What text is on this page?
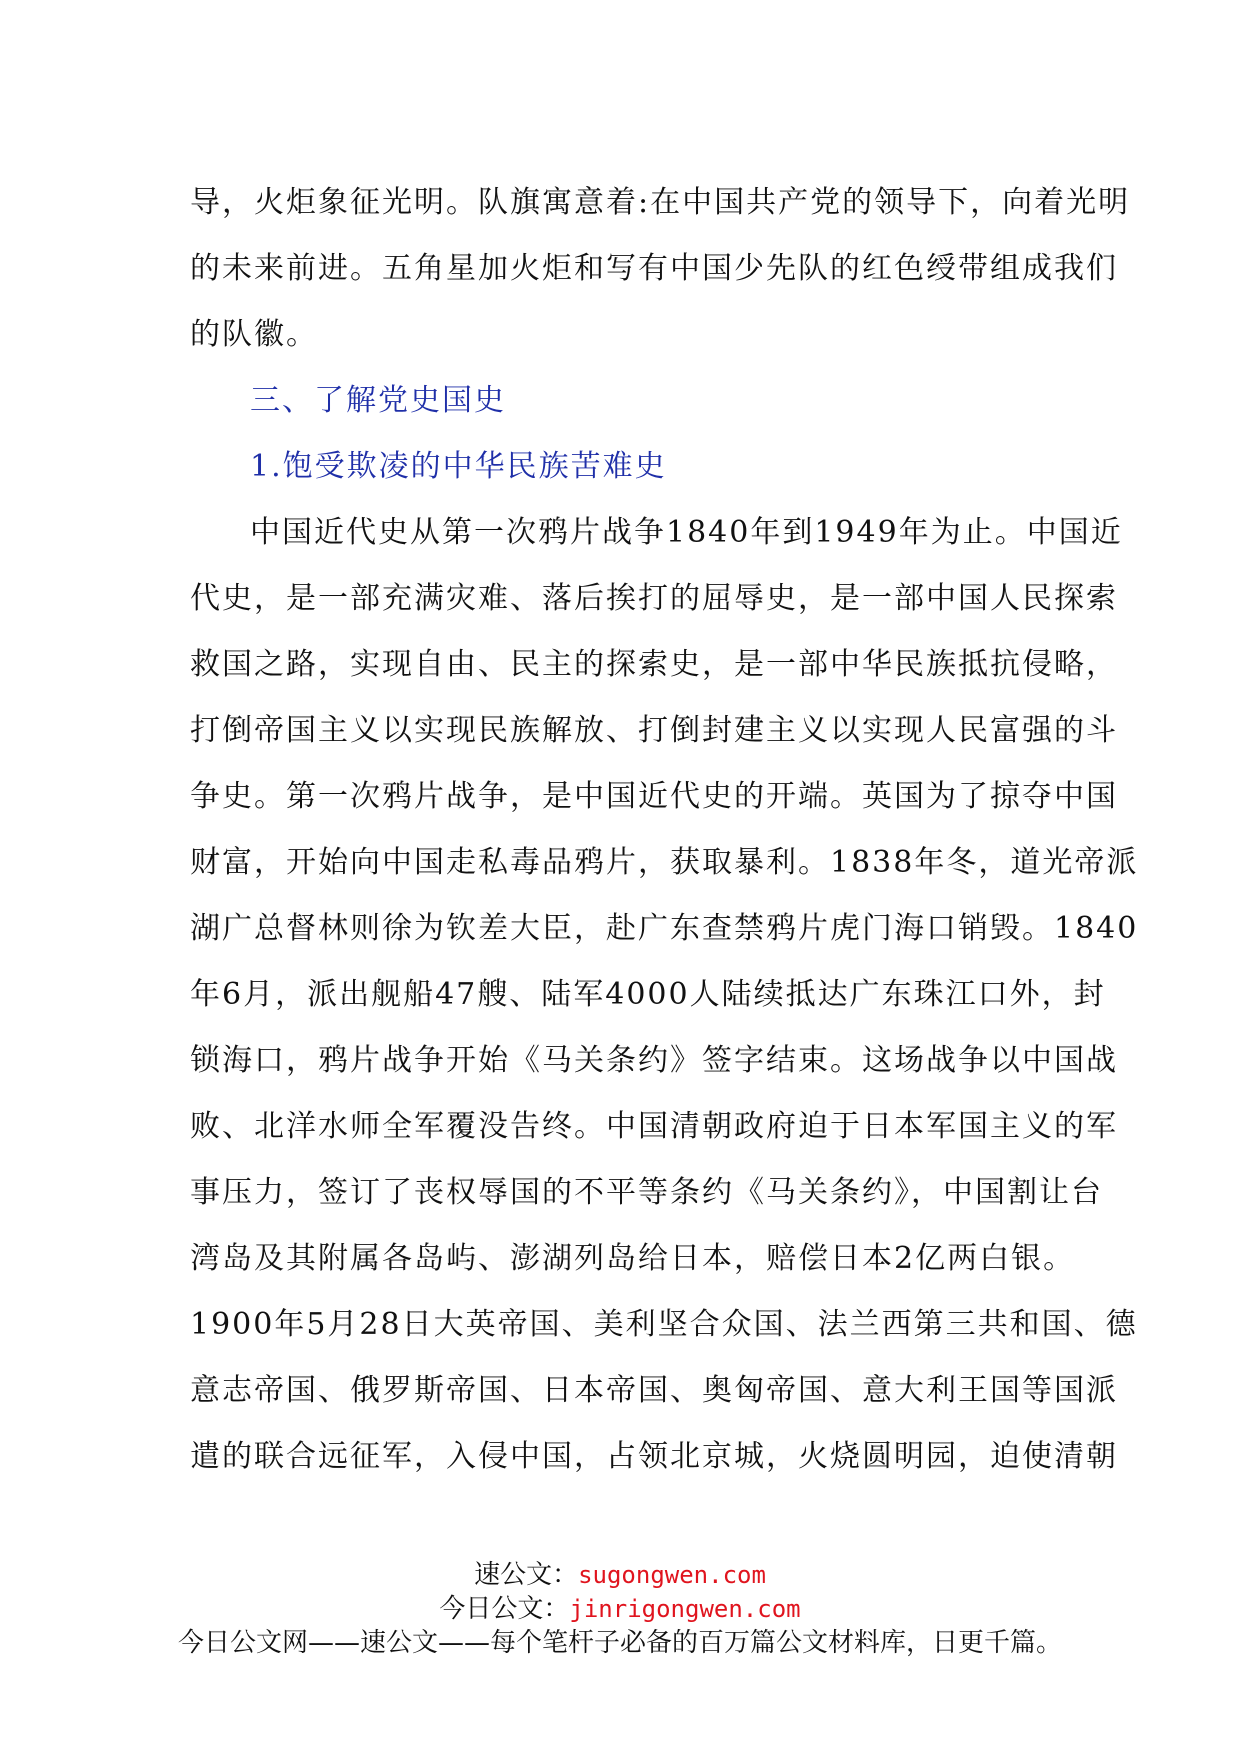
导，火炬象征光明。队旗寓意着:在中国共产党的领导下，向着光明
的未来前进。五角星加火炬和写有中国少先队的红色绶带组成我们
的队徽。
三、了解党史国史
1.饱受欺凌的中华民族苦难史
中国近代史从第一次鸦片战争1840年到1949年为止。中国近
代史，是一部充满灾难、落后挨打的屈辱史，是一部中国人民探索
救国之路，实现自由、民主的探索史，是一部中华民族抵抗侵略，
打倒帝国主义以实现民族解放、打倒封建主义以实现人民富强的斗
争史。第一次鸦片战争，是中国近代史的开端。英国为了掠夺中国
财富，开始向中国走私毒品鸦片，获取暴利。1838年冬，道光帝派
湖广总督林则徐为钦差大臣，赴广东查禁鸦片虎门海口销毁。1840
年6月，派出舰船47艘、陆军4000人陆续抵达广东珠江口外，封
锁海口，鸦片战争开始《马关条约》签字结束。这场战争以中国战
败、北洋水师全军覆没告终。中国清朝政府迫于日本军国主义的军
事压力，签订了丧权辱国的不平等条约《马关条约》，中国割让台
湾岛及其附属各岛屿、澎湖列岛给日本，赔偿日本2亿两白银。
1900年5月28日大英帝国、美利坚合众国、法兰西第三共和国、德
意志帝国、俄罗斯帝国、日本帝国、奥匈帝国、意大利王国等国派
遣的联合远征军，入侵中国，占领北京城，火烧圆明园，迫使清朝
速公文：sugongwen.com
今日公文：jinrigongwen.com
今日公文网——速公文——每个笔杆子必备的百万篇公文材料库，日更千篇。
